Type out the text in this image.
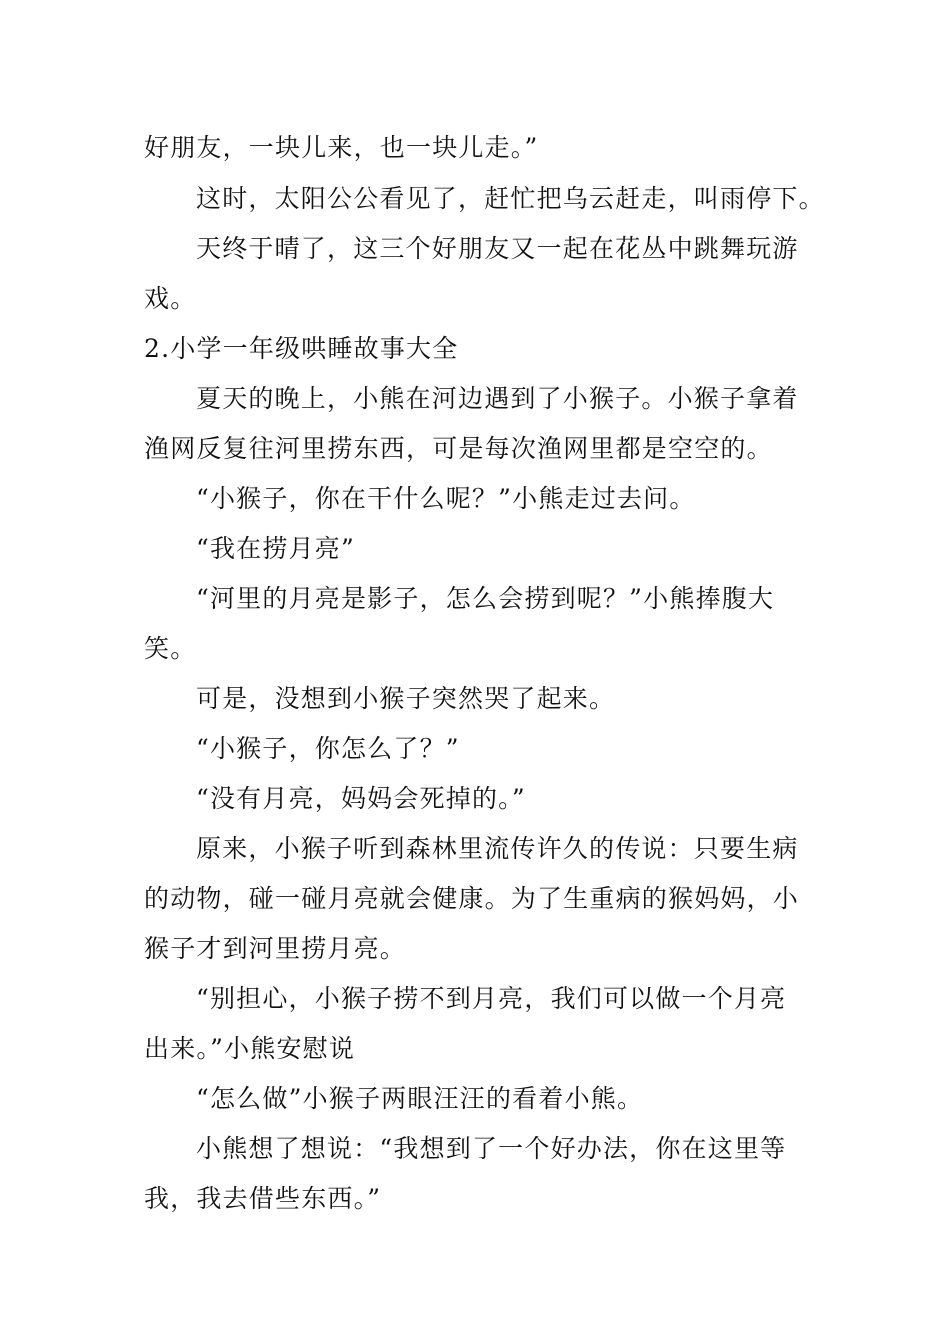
好朋友，一块儿来，也一块儿走。”
这时，太阳公公看见了，赶忙把乌云赶走，叫雨停下。
天终于晴了，这三个好朋友又一起在花丛中跳舞玩游
戏。
2.小学一年级哄睡故事大全
夏天的晚上，小熊在河边遇到了小猴子。小猴子拿着
渔网反复往河里捞东西，可是每次渔网里都是空空的。
“小猴子，你在干什么呢？”小熊走过去问。
“我在捞月亮”
“河里的月亮是影子，怎么会捞到呢？”小熊捧腹大
笑。
可是，没想到小猴子突然哭了起来。
“小猴子，你怎么了？”
“没有月亮，妈妈会死掉的。”
原来，小猴子听到森林里流传许久的传说：只要生病
的动物，碰一碰月亮就会健康。为了生重病的猴妈妈，小
猴子才到河里捞月亮。
“别担心，小猴子捞不到月亮，我们可以做一个月亮
出来。”小熊安慰说
“怎么做”小猴子两眼汪汪的看着小熊。
小熊想了想说：“我想到了一个好办法，你在这里等
我，我去借些东西。”
